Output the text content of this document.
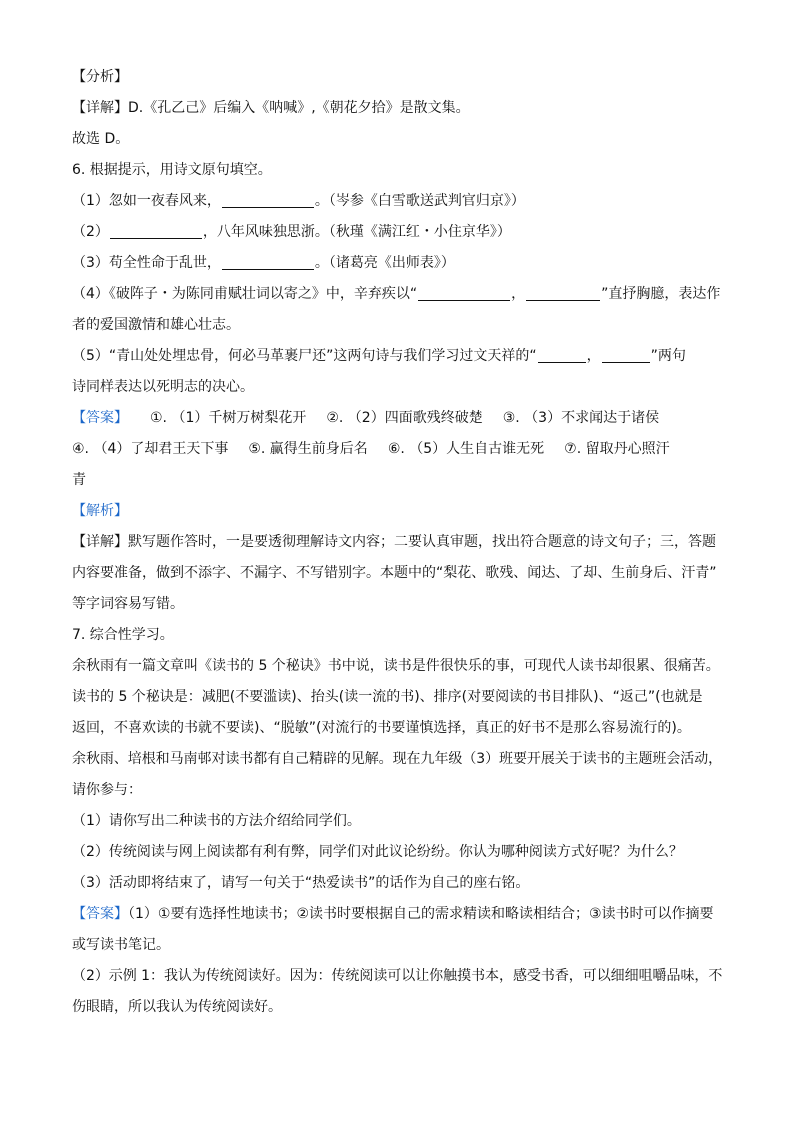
【分析】
【详解】D.《孔乙己》后编入《呐喊》,《朝花夕拾》是散文集。
故选 D。
6. 根据提示，用诗文原句填空。
（1）忽如一夜春风来，	。（岑参《白雪歌送武判官归京》）
（2）	，八年风味独思浙。（秋瑾《满江红・小住京华》）
（3）苟全性命于乱世，	。（诸葛亮《出师表》）
（4）《破阵子・为陈同甫赋壮词以寄之》中，辛弃疾以“	，	”直抒胸臆，表达作
者的爱国激情和雄心壮志。
（5）“青山处处埋忠骨，何必马革裹尸还”这两句诗与我们学习过文天祥的“	，	”两句
诗同样表达以死明志的决心。
【答案】 ①. （1）千树万树梨花开 ②. （2）四面歌残终破楚 ③. （3）不求闻达于诸侯
④. （4）了却君王天下事 ⑤. 赢得生前身后名 ⑥. （5）人生自古谁无死 ⑦. 留取丹心照汗
青
【解析】
【详解】默写题作答时，一是要透彻理解诗文内容；二要认真审题，找出符合题意的诗文句子；三，答题
内容要准备，做到不添字、不漏字、不写错别字。本题中的“梨花、歌残、闻达、了却、生前身后、汗青”
等字词容易写错。
7. 综合性学习。
余秋雨有一篇文章叫《读书的 5 个秘诀》书中说，读书是件很快乐的事，可现代人读书却很累、很痛苦。
读书的 5 个秘诀是：减肥(不要滥读)、抬头(读一流的书)、排序(对要阅读的书目排队)、“返己”(也就是
返回，不喜欢读的书就不要读)、“脱敏”(对流行的书要谨慎选择，真正的好书不是那么容易流行的)。
余秋雨、培根和马南邨对读书都有自己精辟的见解。现在九年级（3）班要开展关于读书的主题班会活动，
请你参与：
（1）请你写出二种读书的方法介绍给同学们。
（2）传统阅读与网上阅读都有利有弊，同学们对此议论纷纷。你认为哪种阅读方式好呢？为什么？
（3）活动即将结束了，请写一句关于“热爱读书”的话作为自己的座右铭。
【答案】（1）①要有选择性地读书；②读书时要根据自己的需求精读和略读相结合；③读书时可以作摘要
或写读书笔记。
（2）示例 1：我认为传统阅读好。因为：传统阅读可以让你触摸书本，感受书香，可以细细咀嚼品味，不
伤眼睛，所以我认为传统阅读好。
